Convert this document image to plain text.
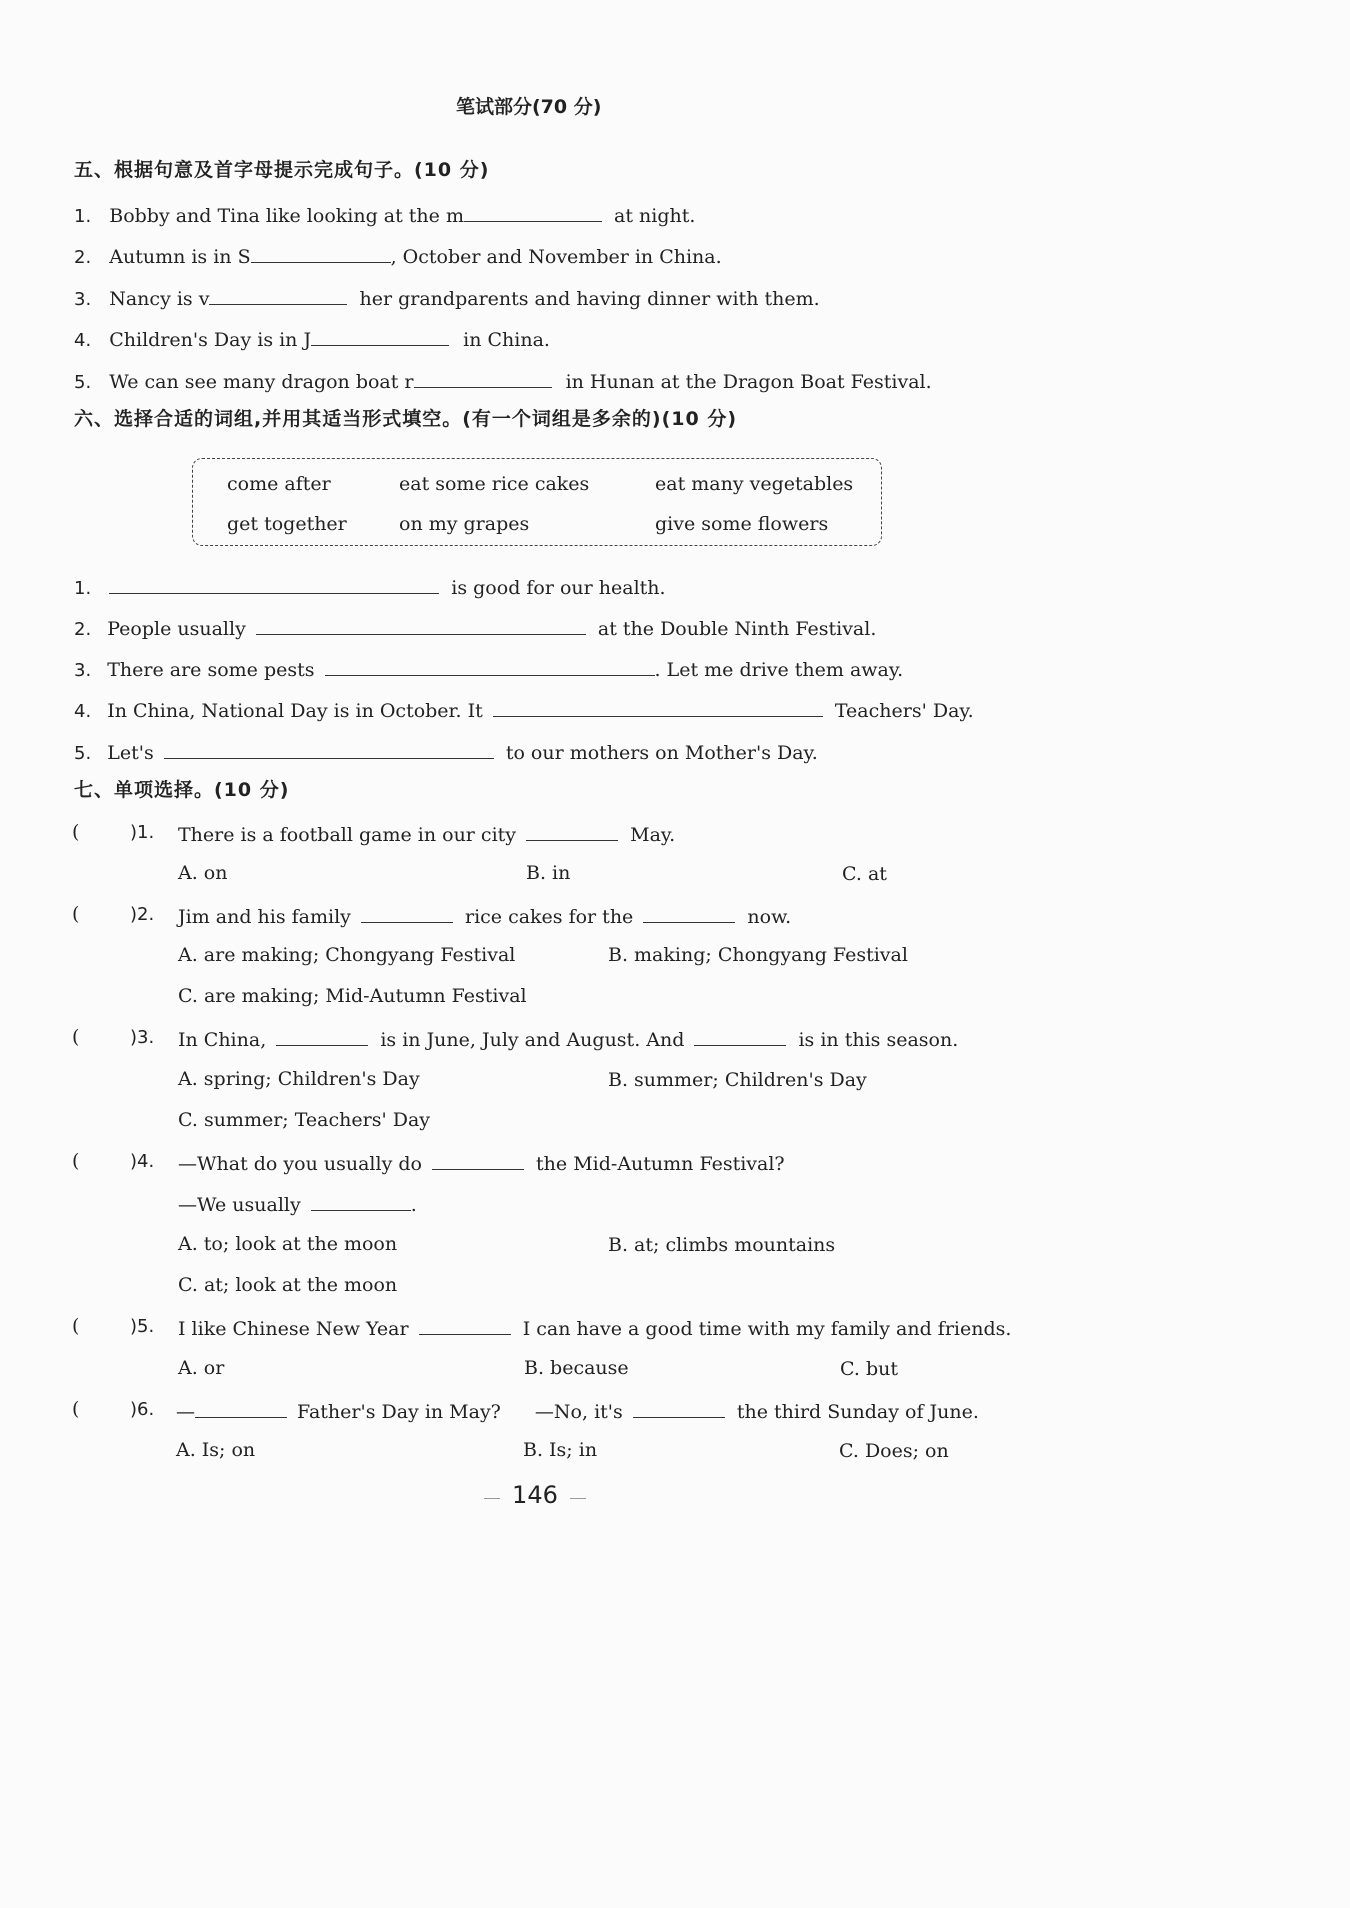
笔试部分(70 分)
五、根据句意及首字母提示完成句子。(10 分)
1. Bobby and Tina like looking at the m	at night.
2. Autumn is in S	, October and November in China.
3. Nancy is v	her grandparents and having dinner with them.
4. Children's Day is in J	in China.
5. We can see many dragon boat r	in Hunan at the Dragon Boat Festival.
六、选择合适的词组,并用其适当形式填空。(有一个词组是多余的)(10 分)
come after	eat some rice cakes	eat many vegetables
get together	on my grapes	give some flowers
1.	is good for our health.
2. People usually	at the Double Ninth Festival.
3. There are some pests	. Let me drive them away.
4. In China, National Day is in October. It	Teachers' Day.
5. Let's	to our mothers on Mother's Day.
七、单项选择。(10 分)
(	)1. There is a football game in our city	May.
A. on	B. in	C. at
(	)2. Jim and his family	rice cakes for the	now.
A. are making; Chongyang Festival	B. making; Chongyang Festival
C. are making; Mid-Autumn Festival
(	)3. In China,	is in June, July and August. And	is in this season.
A. spring; Children's Day	B. summer; Children's Day
C. summer; Teachers' Day
(	)4. —What do you usually do	the Mid-Autumn Festival?
—We usually	.
A. to; look at the moon	B. at; climbs mountains
C. at; look at the moon
(	)5. I like Chinese New Year	I can have a good time with my family and friends.
A. or	B. because	C. but
(	)6. —	Father's Day in May? —No, it's	the third Sunday of June.
A. Is; on	B. Is; in	C. Does; on
146
